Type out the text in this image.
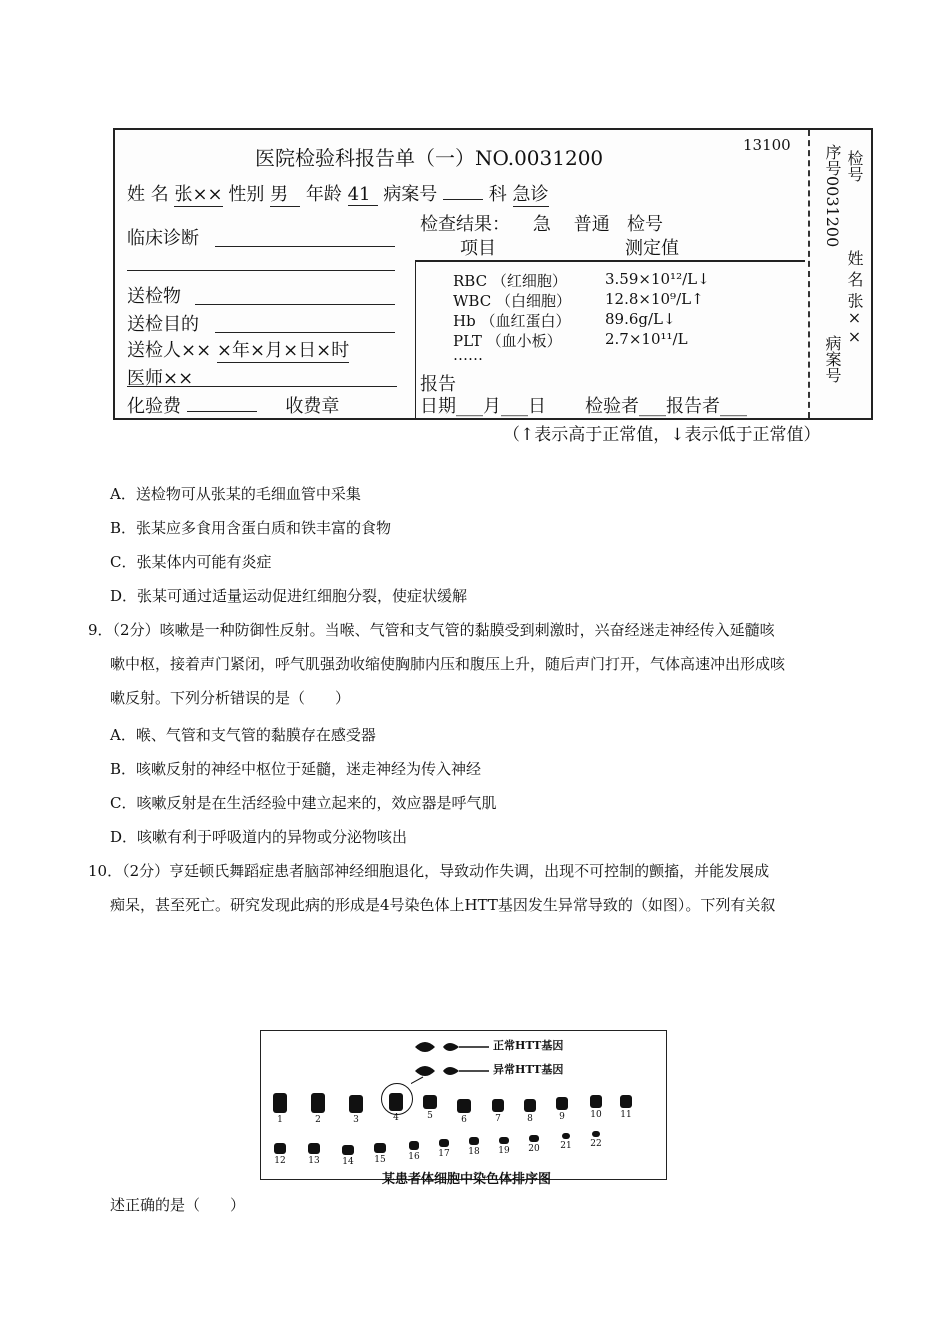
医院检验科报告单（一）NO.0031200
13100
姓 名 张×× 性别 男 年龄 41 病案号	科 急诊
临床诊断
送检物
送检目的
送检人×× ×年×月×日×时
医师××
化验费	收费章
检查结果： 急 普通 检号
项目	测定值
RBC （红细胞）	3.59×10¹²/L↓
WBC （白细胞） 12.8×10⁹/L↑
Hb （血红蛋白） 89.6g/L↓
PLT （血小板）	2.7×10¹¹/L
……
报告
日期___月___日 检验者___报告者___
姓 名 张××
病案号
检号
序号0031200
（↑表示高于正常值，↓表示低于正常值）
A．送检物可从张某的毛细血管中采集
B．张某应多食用含蛋白质和铁丰富的食物
C．张某体内可能有炎症
D．张某可通过适量运动促进红细胞分裂，使症状缓解
9．（2分）咳嗽是一种防御性反射。当喉、气管和支气管的黏膜受到刺激时，兴奋经迷走神经传入延髓咳
嗽中枢，接着声门紧闭，呼气肌强劲收缩使胸肺内压和腹压上升，随后声门打开，气体高速冲出形成咳
嗽反射。下列分析错误的是（　　）
A．喉、气管和支气管的黏膜存在感受器
B．咳嗽反射的神经中枢位于延髓，迷走神经为传入神经
C．咳嗽反射是在生活经验中建立起来的，效应器是呼气肌
D．咳嗽有利于呼吸道内的异物或分泌物咳出
10．（2分）亨廷顿氏舞蹈症患者脑部神经细胞退化，导致动作失调，出现不可控制的颤搐，并能发展成
痴呆，甚至死亡。研究发现此病的形成是4号染色体上HTT基因发生异常导致的（如图）。下列有关叙
正常HTT基因
异常HTT基因
1	2	3	4	5	6	7	8	9	10	11
12	13	14	15	16	17	18	19	20	21	22
某患者体细胞中染色体排序图
述正确的是（　　）
